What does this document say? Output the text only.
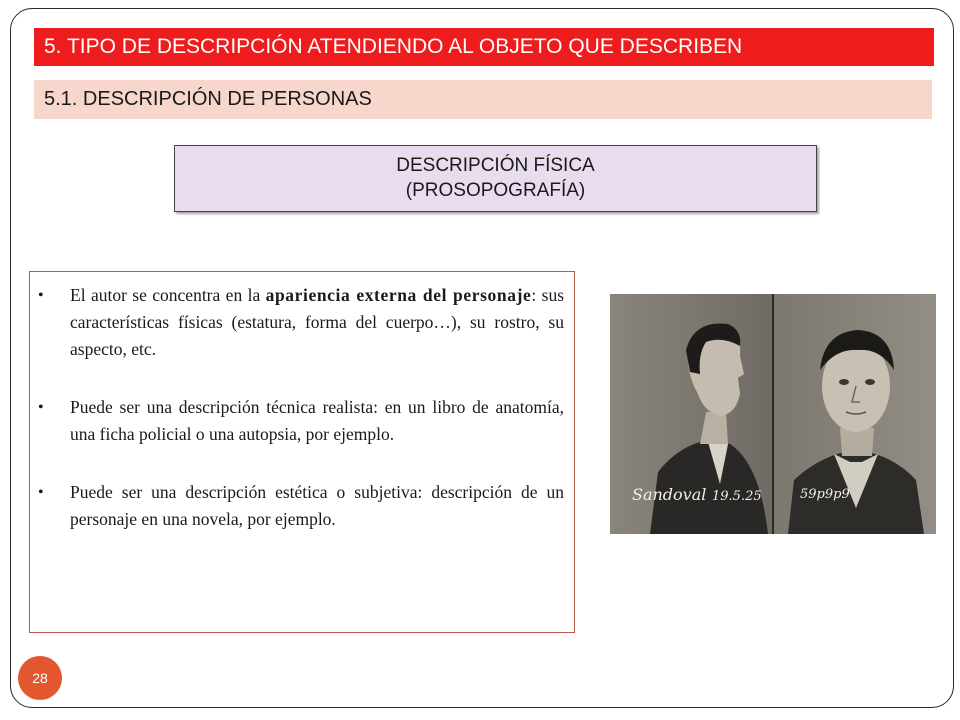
5. TIPO DE DESCRIPCIÓN ATENDIENDO AL OBJETO QUE DESCRIBEN
5.1. DESCRIPCIÓN DE PERSONAS
DESCRIPCIÓN FÍSICA
(PROSOPOGRAFÍA)
• El autor se concentra en la apariencia externa del personaje: sus características físicas (estatura, forma del cuerpo…), su rostro, su aspecto, etc.
• Puede ser una descripción técnica realista: en un libro de anatomía, una ficha policial o una autopsia, por ejemplo.
• Puede ser una descripción estética o subjetiva: descripción de un personaje en una novela, por ejemplo.
Sandoval 19.5.25	59p9p9
28
